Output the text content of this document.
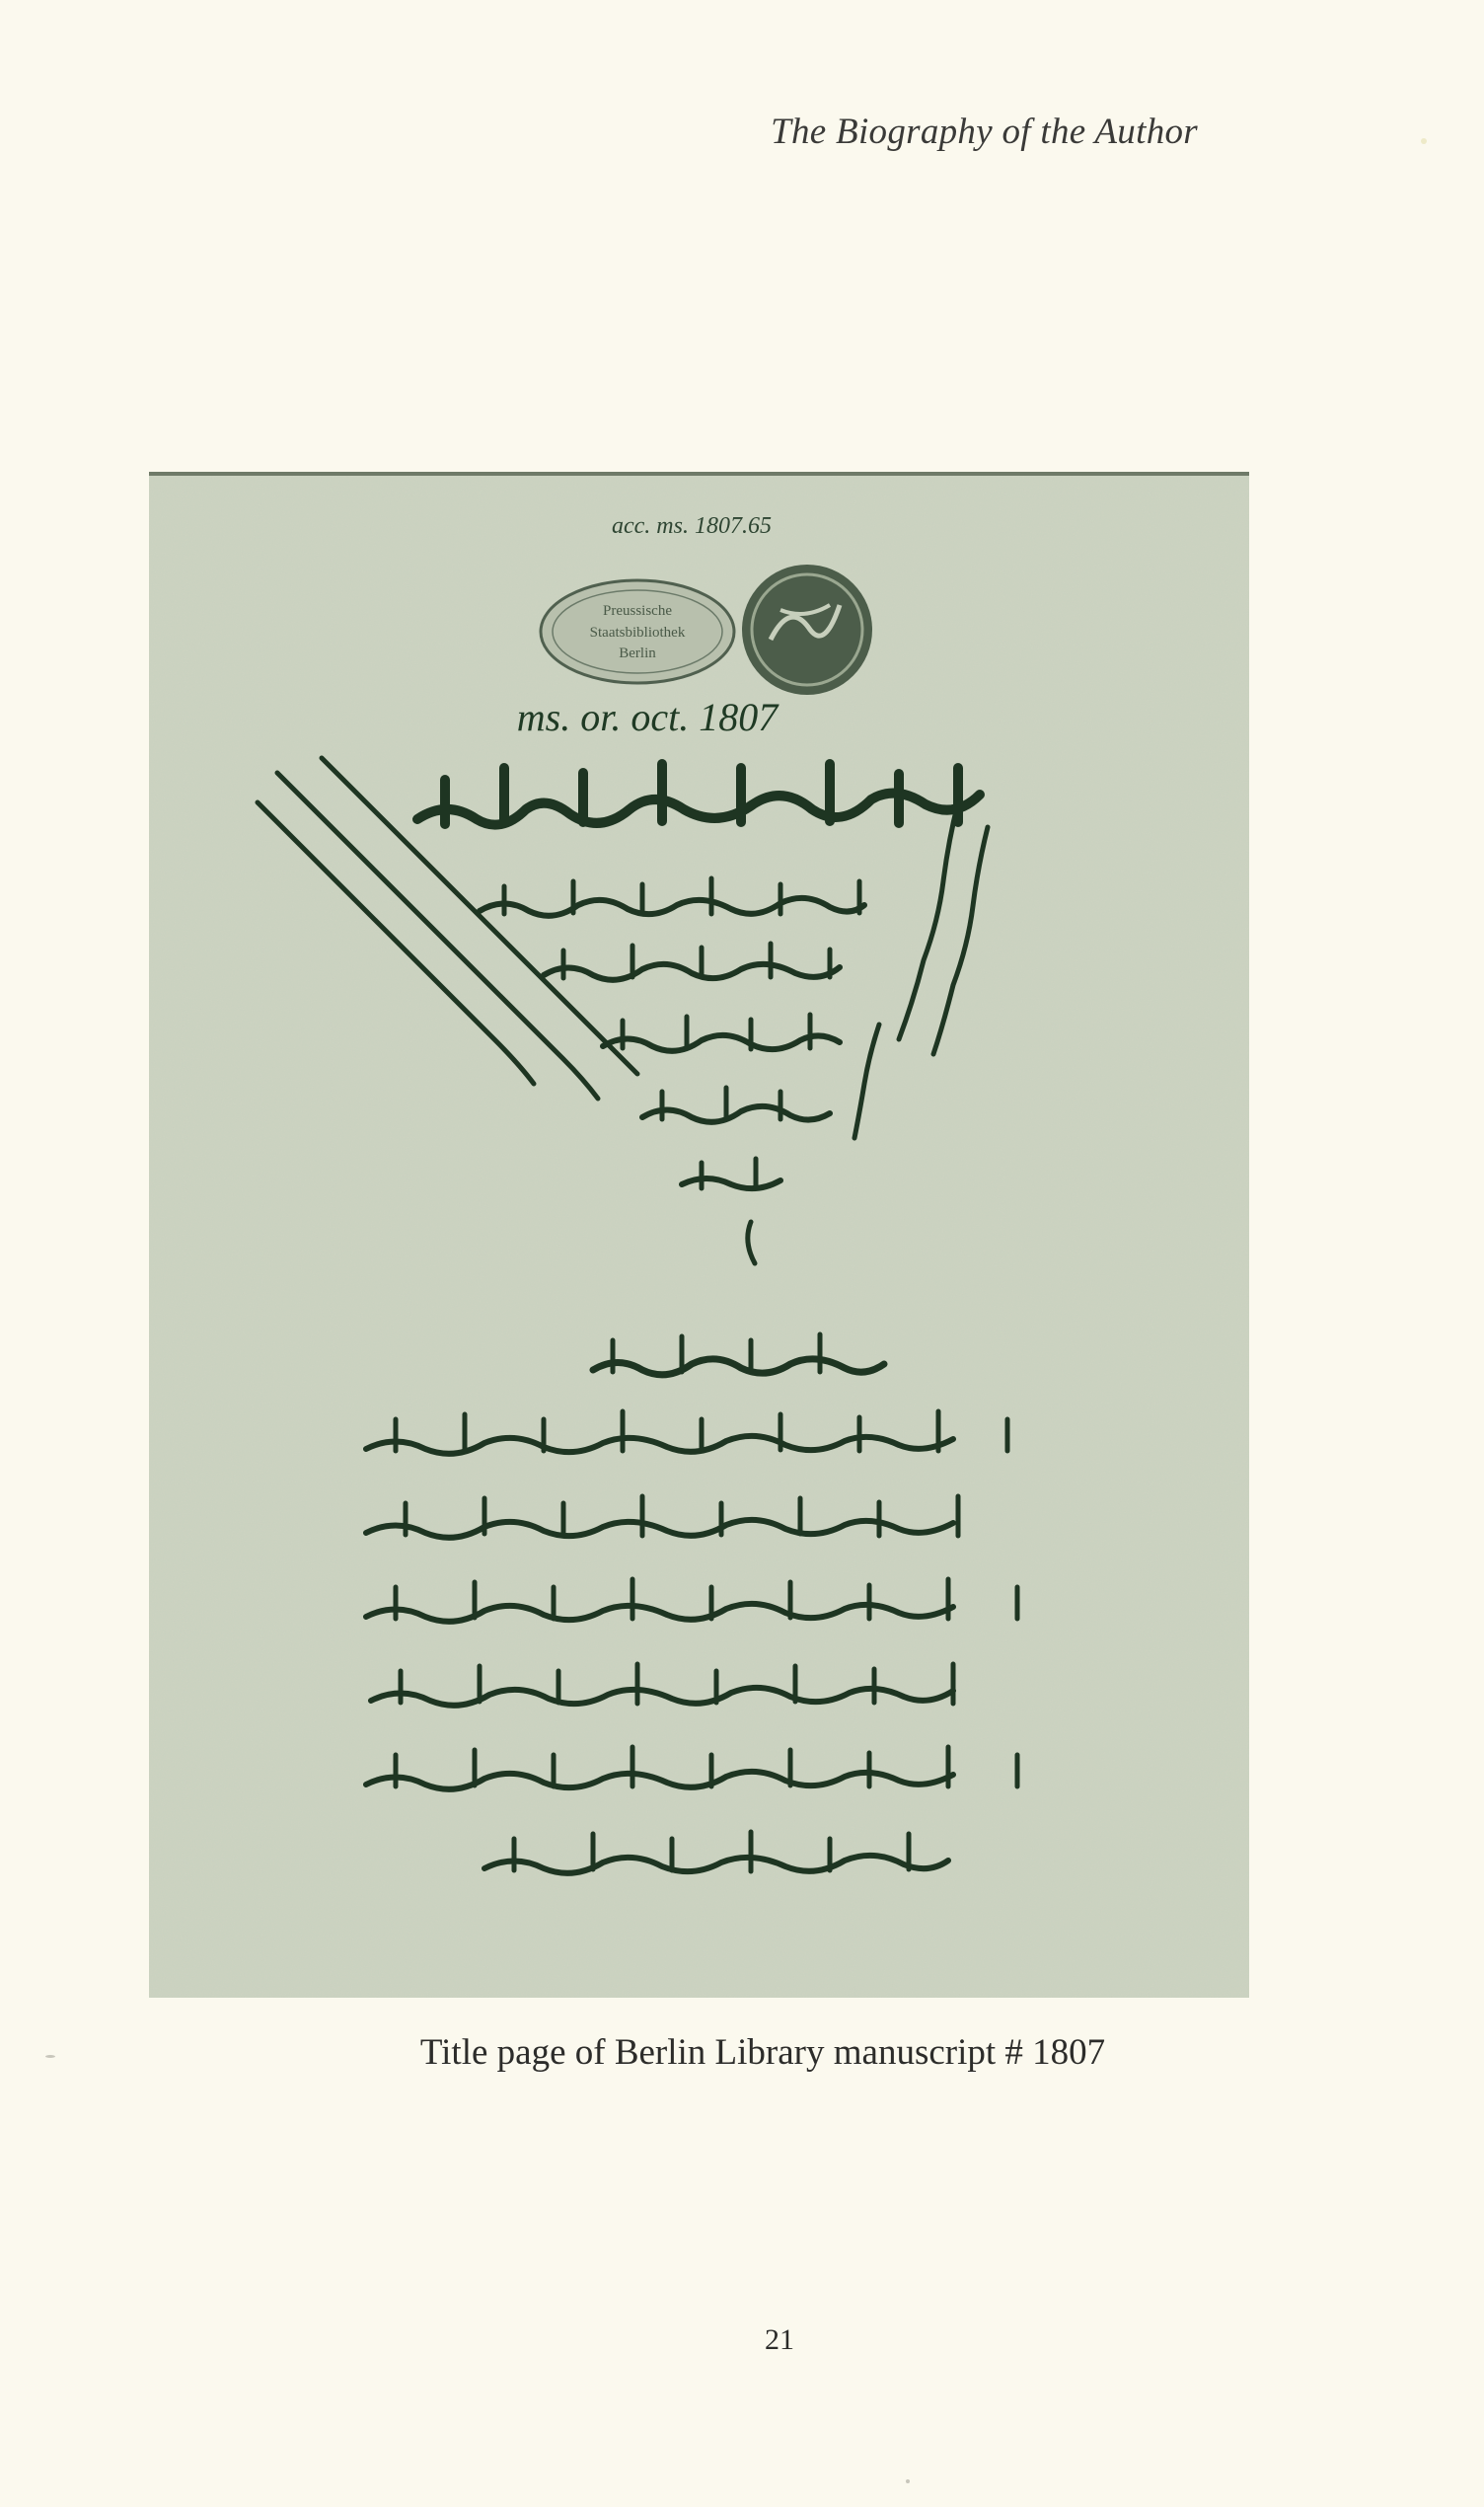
The Biography of the Author
acc. ms. 1807.65
Preussische
Staatsbibliothek
Berlin
ms. or. oct. 1807
Title page of Berlin Library manuscript # 1807
21
